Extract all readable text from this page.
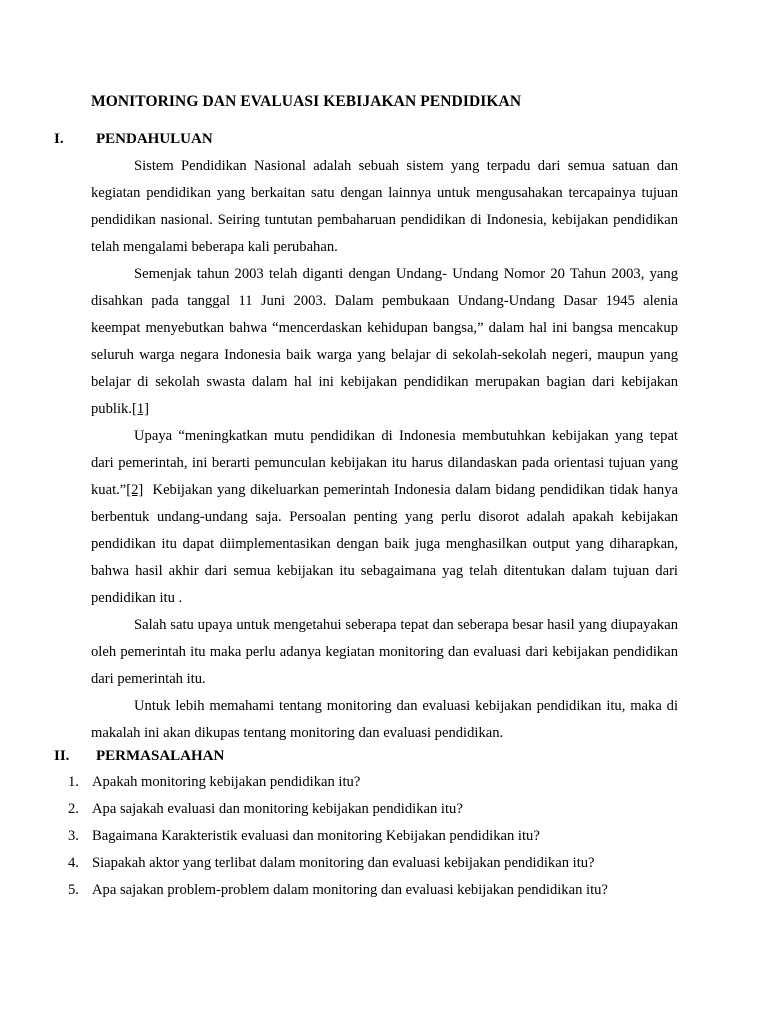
MONITORING DAN EVALUASI KEBIJAKAN PENDIDIKAN
I. PENDAHULUAN

Sistem Pendidikan Nasional adalah sebuah sistem yang terpadu dari semua satuan dan kegiatan pendidikan yang berkaitan satu dengan lainnya untuk mengusahakan tercapainya tujuan pendidikan nasional. Seiring tuntutan pembaharuan pendidikan di Indonesia, kebijakan pendidikan telah mengalami beberapa kali perubahan.

Semenjak tahun 2003 telah diganti dengan Undang- Undang Nomor 20 Tahun 2003, yang disahkan pada tanggal 11 Juni 2003. Dalam pembukaan Undang-Undang Dasar 1945 alenia keempat menyebutkan bahwa “mencerdaskan kehidupan bangsa,” dalam hal ini bangsa mencakup seluruh warga negara Indonesia baik warga yang belajar di sekolah-sekolah negeri, maupun yang belajar di sekolah swasta dalam hal ini kebijakan pendidikan merupakan bagian dari kebijakan publik.[1]

Upaya “meningkatkan mutu pendidikan di Indonesia membutuhkan kebijakan yang tepat dari pemerintah, ini berarti pemunculan kebijakan itu harus dilandaskan pada orientasi tujuan yang kuat.”[2]  Kebijakan yang dikeluarkan pemerintah Indonesia dalam bidang pendidikan tidak hanya berbentuk undang-undang saja. Persoalan penting yang perlu disorot adalah apakah kebijakan pendidikan itu dapat diimplementasikan dengan baik juga menghasilkan output yang diharapkan, bahwa hasil akhir dari semua kebijakan itu sebagaimana yag telah ditentukan dalam tujuan dari pendidikan itu .

Salah satu upaya untuk mengetahui seberapa tepat dan seberapa besar hasil yang diupayakan oleh pemerintah itu maka perlu adanya kegiatan monitoring dan evaluasi dari kebijakan pendidikan dari pemerintah itu.

Untuk lebih memahami tentang monitoring dan evaluasi kebijakan pendidikan itu, maka di makalah ini akan dikupas tentang monitoring dan evaluasi pendidikan.

II. PERMASALAHAN
1. Apakah monitoring kebijakan pendidikan itu?
2. Apa sajakah evaluasi dan monitoring kebijakan pendidikan itu?
3. Bagaimana Karakteristik evaluasi dan monitoring Kebijakan pendidikan itu?
4. Siapakah aktor yang terlibat dalam monitoring dan evaluasi kebijakan pendidikan itu?
5. Apa sajakan problem-problem dalam monitoring dan evaluasi kebijakan pendidikan itu?
